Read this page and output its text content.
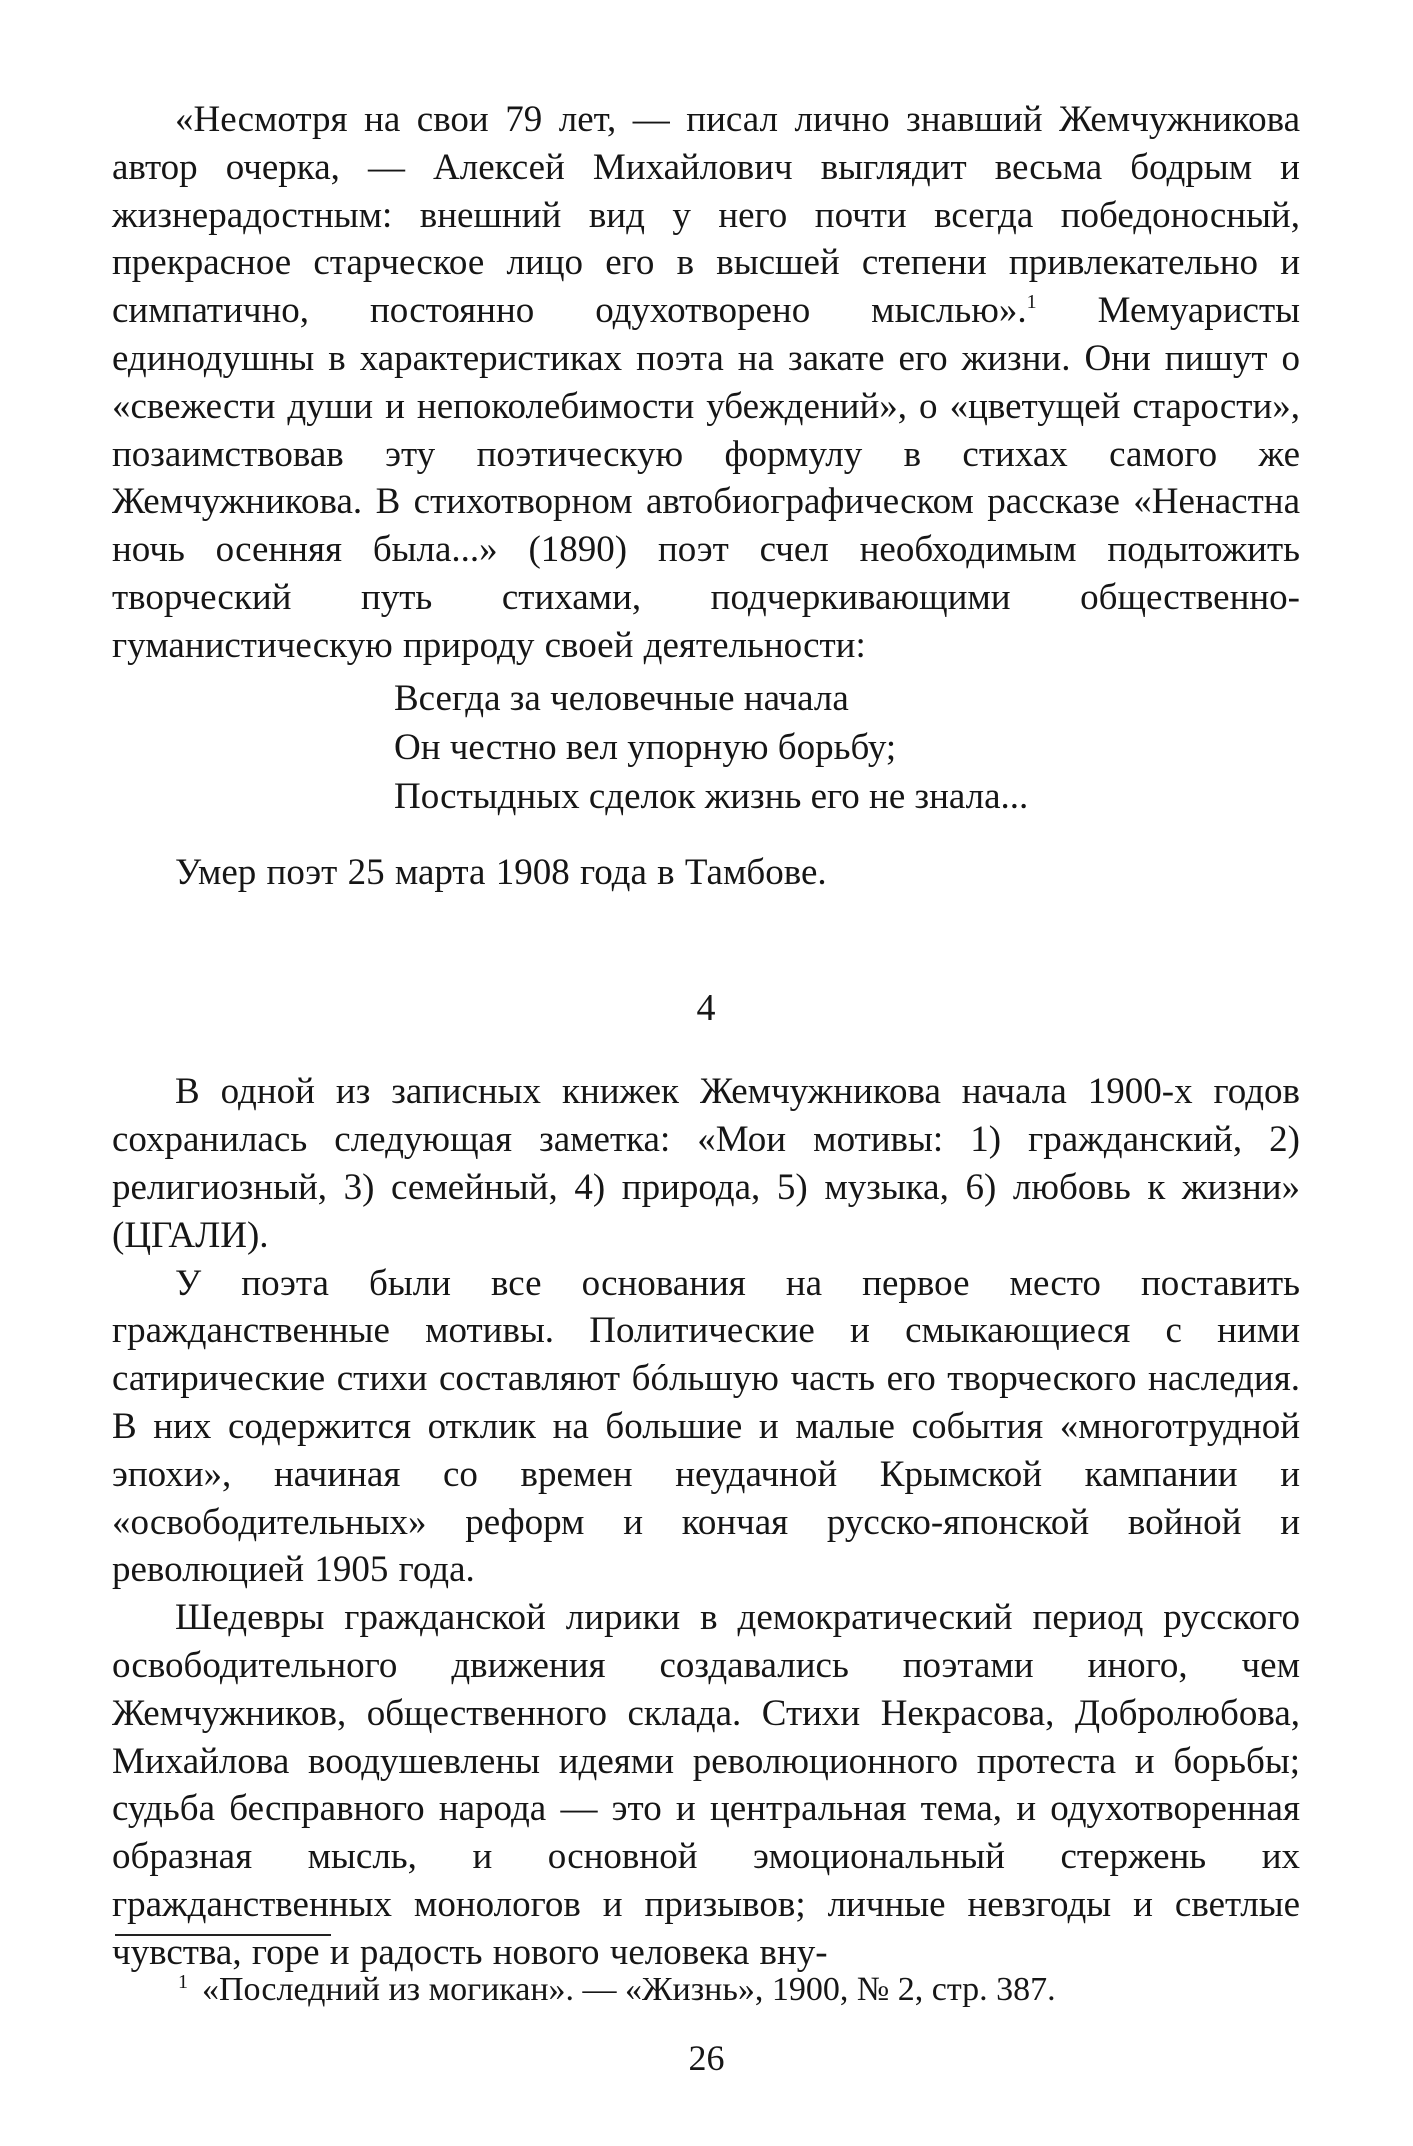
«Несмотря на свои 79 лет, — писал лично знавший Жемчужникова автор очерка, — Алексей Михайлович выглядит весьма бодрым и жизнерадостным: внешний вид у него почти всегда победоносный, прекрасное старческое лицо его в высшей степени привлекательно и симпатично, постоянно одухотворено мыслью».$^1$ Мемуаристы единодушны в характеристиках поэта на закате его жизни. Они пишут о «свежести души и непоколебимости убеждений», о «цветущей старости», позаимствовав эту поэтическую формулу в стихах самого же Жемчужникова. В стихотворном автобиографическом рассказе «Ненастна ночь осенняя была...» (1890) поэт счел необходимым подытожить творческий путь стихами, подчеркивающими общественно-гуманистическую природу своей деятельности:

Всегда за человечные начала
Он честно вел упорную борьбу;
Постыдных сделок жизнь его не знала...

Умер поэт 25 марта 1908 года в Тамбове.

4

В одной из записных книжек Жемчужникова начала 1900-х годов сохранилась следующая заметка: «Мои мотивы: 1) гражданский, 2) религиозный, 3) семейный, 4) природа, 5) музыка, 6) любовь к жизни» (ЦГАЛИ).

У поэта были все основания на первое место поставить гражданственные мотивы. Политические и смыкающиеся с ними сатирические стихи составляют бóльшую часть его творческого наследия. В них содержится отклик на большие и малые события «многотрудной эпохи», начиная со времен неудачной Крымской кампании и «освободительных» реформ и кончая русско-японской войной и революцией 1905 года.

Шедевры гражданской лирики в демократический период русского освободительного движения создавались поэтами иного, чем Жемчужников, общественного склада. Стихи Некрасова, Добролюбова, Михайлова воодушевлены идеями революционного протеста и борьбы; судьба бесправного народа — это и центральная тема, и одухотворенная образная мысль, и основной эмоциональный стержень их гражданственных монологов и призывов; личные невзгоды и светлые чувства, горе и радость нового человека вну-

$^1$ «Последний из могикан». — «Жизнь», 1900, № 2, стр. 387.
26
